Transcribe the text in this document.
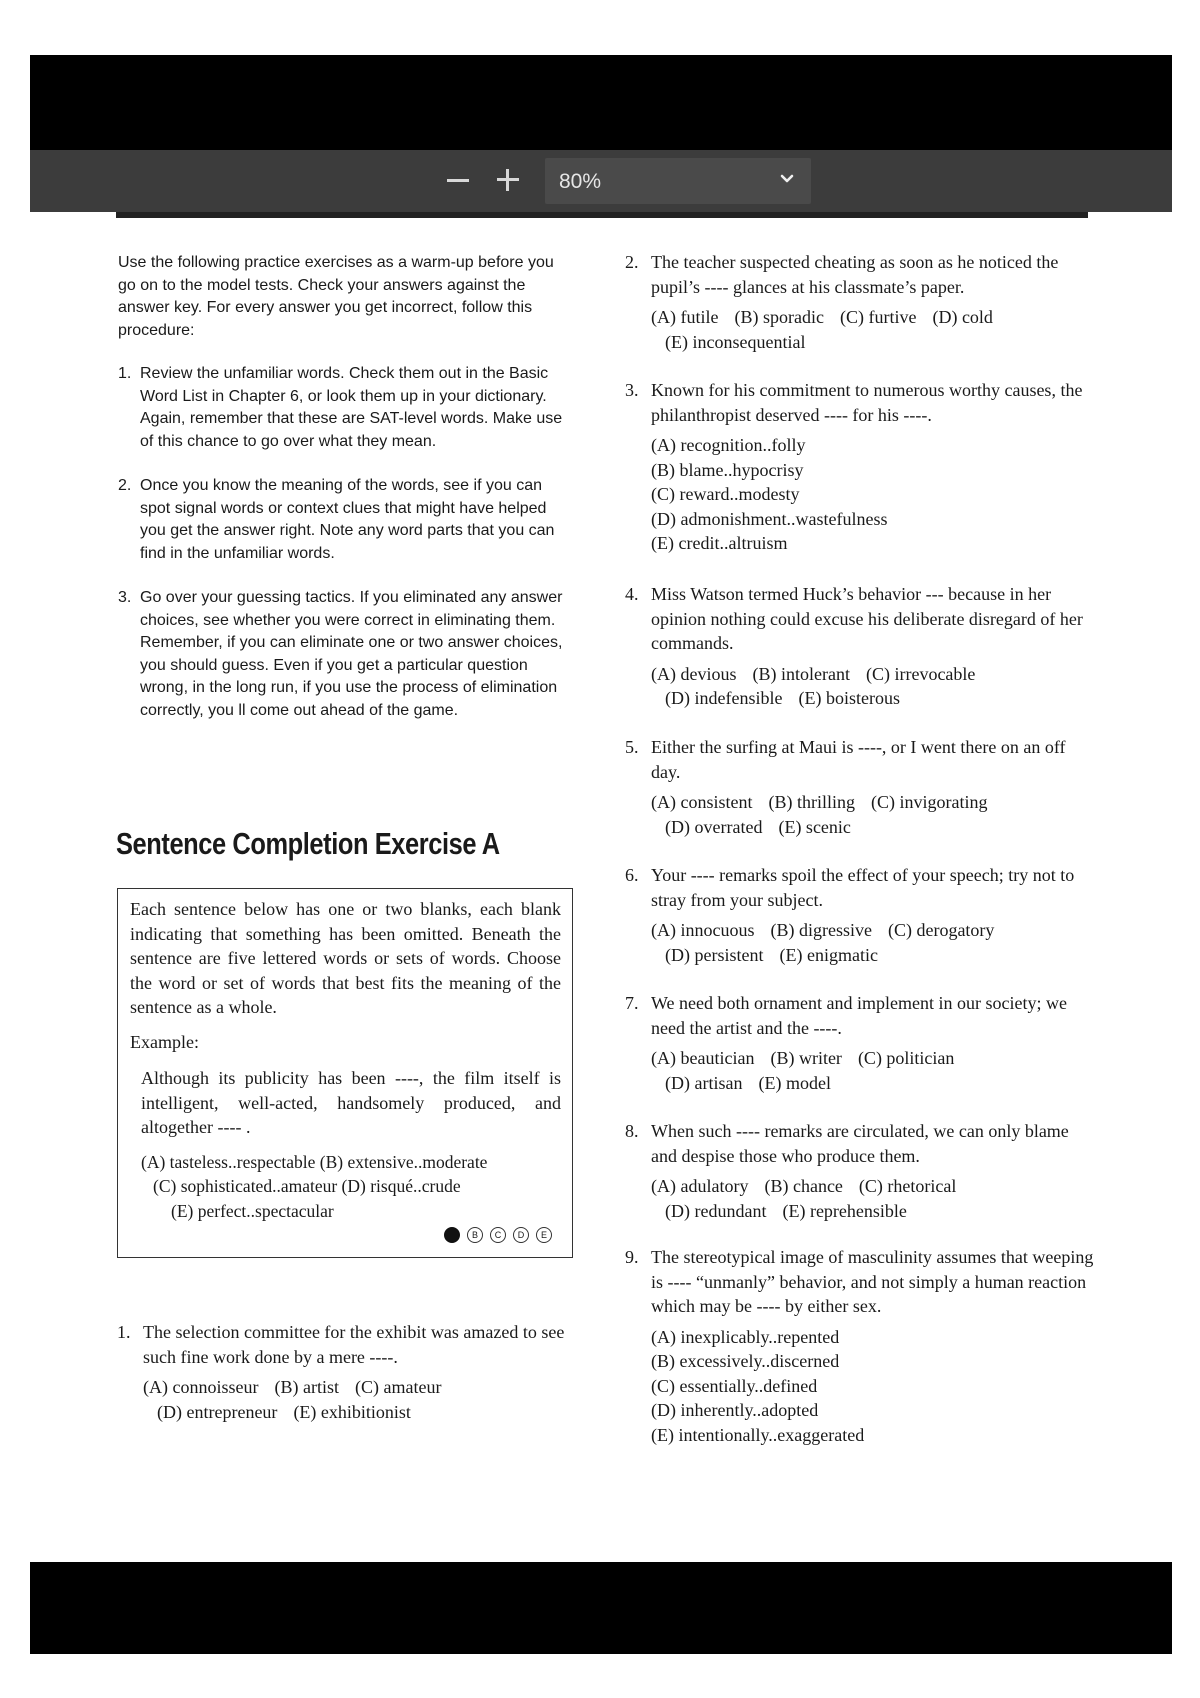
80%

Use the following practice exercises as a warm-up before you go on to the model tests. Check your answers against the answer key. For every answer you get incorrect, follow this procedure:

1. Review the unfamiliar words. Check them out in the Basic Word List in Chapter 6, or look them up in your dictionary. Again, remember that these are SAT-level words. Make use of this chance to go over what they mean.
2. Once you know the meaning of the words, see if you can spot signal words or context clues that might have helped you get the answer right. Note any word parts that you can find in the unfamiliar words.
3. Go over your guessing tactics. If you eliminated any answer choices, see whether you were correct in eliminating them. Remember, if you can eliminate one or two answer choices, you should guess. Even if you get a particular question wrong, in the long run, if you use the process of elimination correctly, you ll come out ahead of the game.
Sentence Completion Exercise A

Each sentence below has one or two blanks, each blank indicating that something has been omitted. Beneath the sentence are five lettered words or sets of words. Choose the word or set of words that best fits the meaning of the sentence as a whole.

Example:

Although its publicity has been ----, the film itself is intelligent, well-acted, handsomely produced, and altogether ---- .

(A) tasteless..respectable (B) extensive..moderate
(C) sophisticated..amateur (D) risqué..crude
(E) perfect..spectacular
B	C	D	E
1. The selection committee for the exhibit was amazed to see such fine work done by a mere ----.
(A) connoisseur (B) artist (C) amateur
(D) entrepreneur (E) exhibitionist
2. The teacher suspected cheating as soon as he noticed the pupil’s ---- glances at his classmate’s paper.
(A) futile (B) sporadic (C) furtive (D) cold
(E) inconsequential
3. Known for his commitment to numerous worthy causes, the philanthropist deserved ---- for his ----.
(A) recognition..folly
(B) blame..hypocrisy
(C) reward..modesty
(D) admonishment..wastefulness
(E) credit..altruism
4. Miss Watson termed Huck’s behavior --- because in her opinion nothing could excuse his deliberate disregard of her commands.
(A) devious (B) intolerant (C) irrevocable
(D) indefensible (E) boisterous
5. Either the surfing at Maui is ----, or I went there on an off day.
(A) consistent (B) thrilling (C) invigorating
(D) overrated (E) scenic
6. Your ---- remarks spoil the effect of your speech; try not to stray from your subject.
(A) innocuous (B) digressive (C) derogatory
(D) persistent (E) enigmatic
7. We need both ornament and implement in our society; we need the artist and the ----.
(A) beautician (B) writer (C) politician
(D) artisan (E) model
8. When such ---- remarks are circulated, we can only blame and despise those who produce them.
(A) adulatory (B) chance (C) rhetorical
(D) redundant (E) reprehensible
9. The stereotypical image of masculinity assumes that weeping is ---- “unmanly” behavior, and not simply a human reaction which may be ---- by either sex.
(A) inexplicably..repented
(B) excessively..discerned
(C) essentially..defined
(D) inherently..adopted
(E) intentionally..exaggerated
